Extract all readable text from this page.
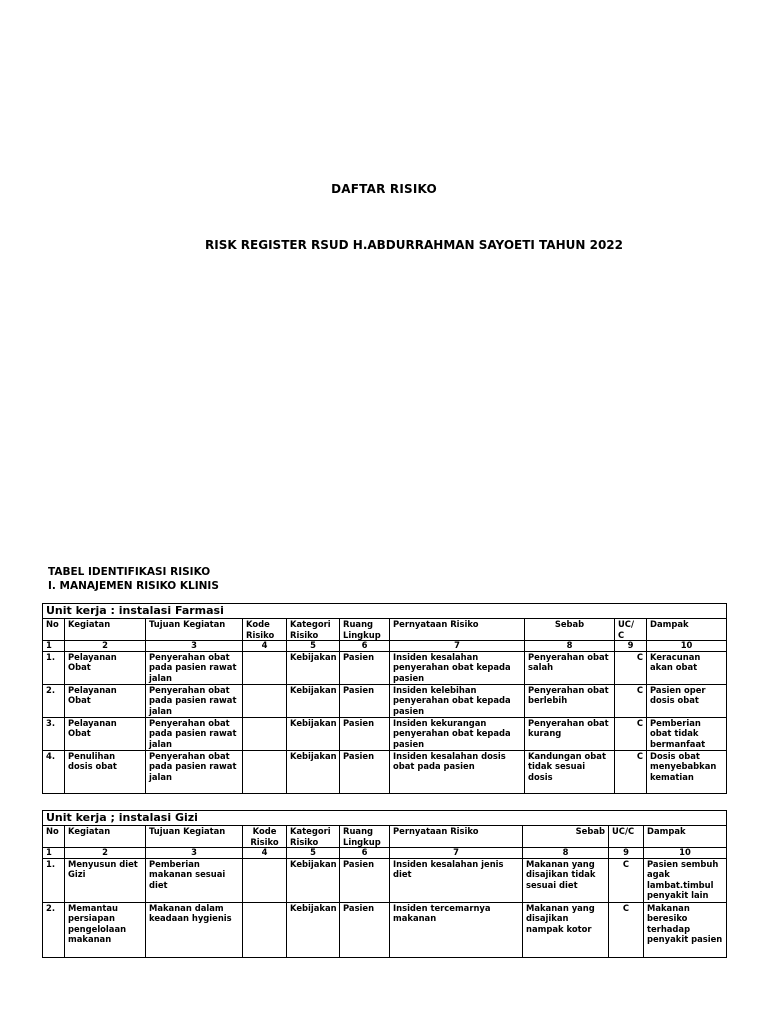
DAFTAR RISIKO
RISK REGISTER RSUD H.ABDURRAHMAN SAYOETI TAHUN 2022
TABEL IDENTIFIKASI RISIKO
I. MANAJEMEN RISIKO KLINIS
Unit kerja : instalasi Farmasi									
No	Kegiatan	Tujuan Kegiatan	Kode Risiko	Kategori Risiko	Ruang Lingkup	Pernyataan Risiko	Sebab	UC/ C	Dampak
1	2	3	4	5	6	7	8	9	10
1.	Pelayanan Obat	Penyerahan obat pada pasien rawat jalan		Kebijakan	Pasien	Insiden kesalahan penyerahan obat kepada pasien	Penyerahan obat salah	C	Keracunan akan obat
2.	Pelayanan Obat	Penyerahan obat pada pasien rawat jalan		Kebijakan	Pasien	Insiden kelebihan penyerahan obat kepada pasien	Penyerahan obat berlebih	C	Pasien oper dosis obat
3.	Pelayanan Obat	Penyerahan obat pada pasien rawat jalan		Kebijakan	Pasien	Insiden kekurangan penyerahan obat kepada pasien	Penyerahan obat kurang	C	Pemberian obat tidak bermanfaat
4.	Penulihan dosis obat	Penyerahan obat pada pasien rawat jalan		Kebijakan	Pasien	Insiden kesalahan dosis obat pada pasien	Kandungan obat tidak sesuai dosis	C	Dosis obat menyebabkan kematian
Unit kerja ; instalasi Gizi									
No	Kegiatan	Tujuan Kegiatan	Kode Risiko	Kategori Risiko	Ruang Lingkup	Pernyataan Risiko	Sebab	UC/C	Dampak
1	2	3	4	5	6	7	8	9	10
1.	Menyusun diet Gizi	Pemberian makanan sesuai diet		Kebijakan	Pasien	Insiden kesalahan jenis diet	Makanan yang disajikan tidak sesuai diet	C	Pasien sembuh agak lambat.timbul penyakit lain
2.	Memantau persiapan pengelolaan makanan	Makanan dalam keadaan hygienis		Kebijakan	Pasien	Insiden tercemarnya makanan	Makanan yang disajikan nampak kotor	C	Makanan beresiko terhadap penyakit pasien
